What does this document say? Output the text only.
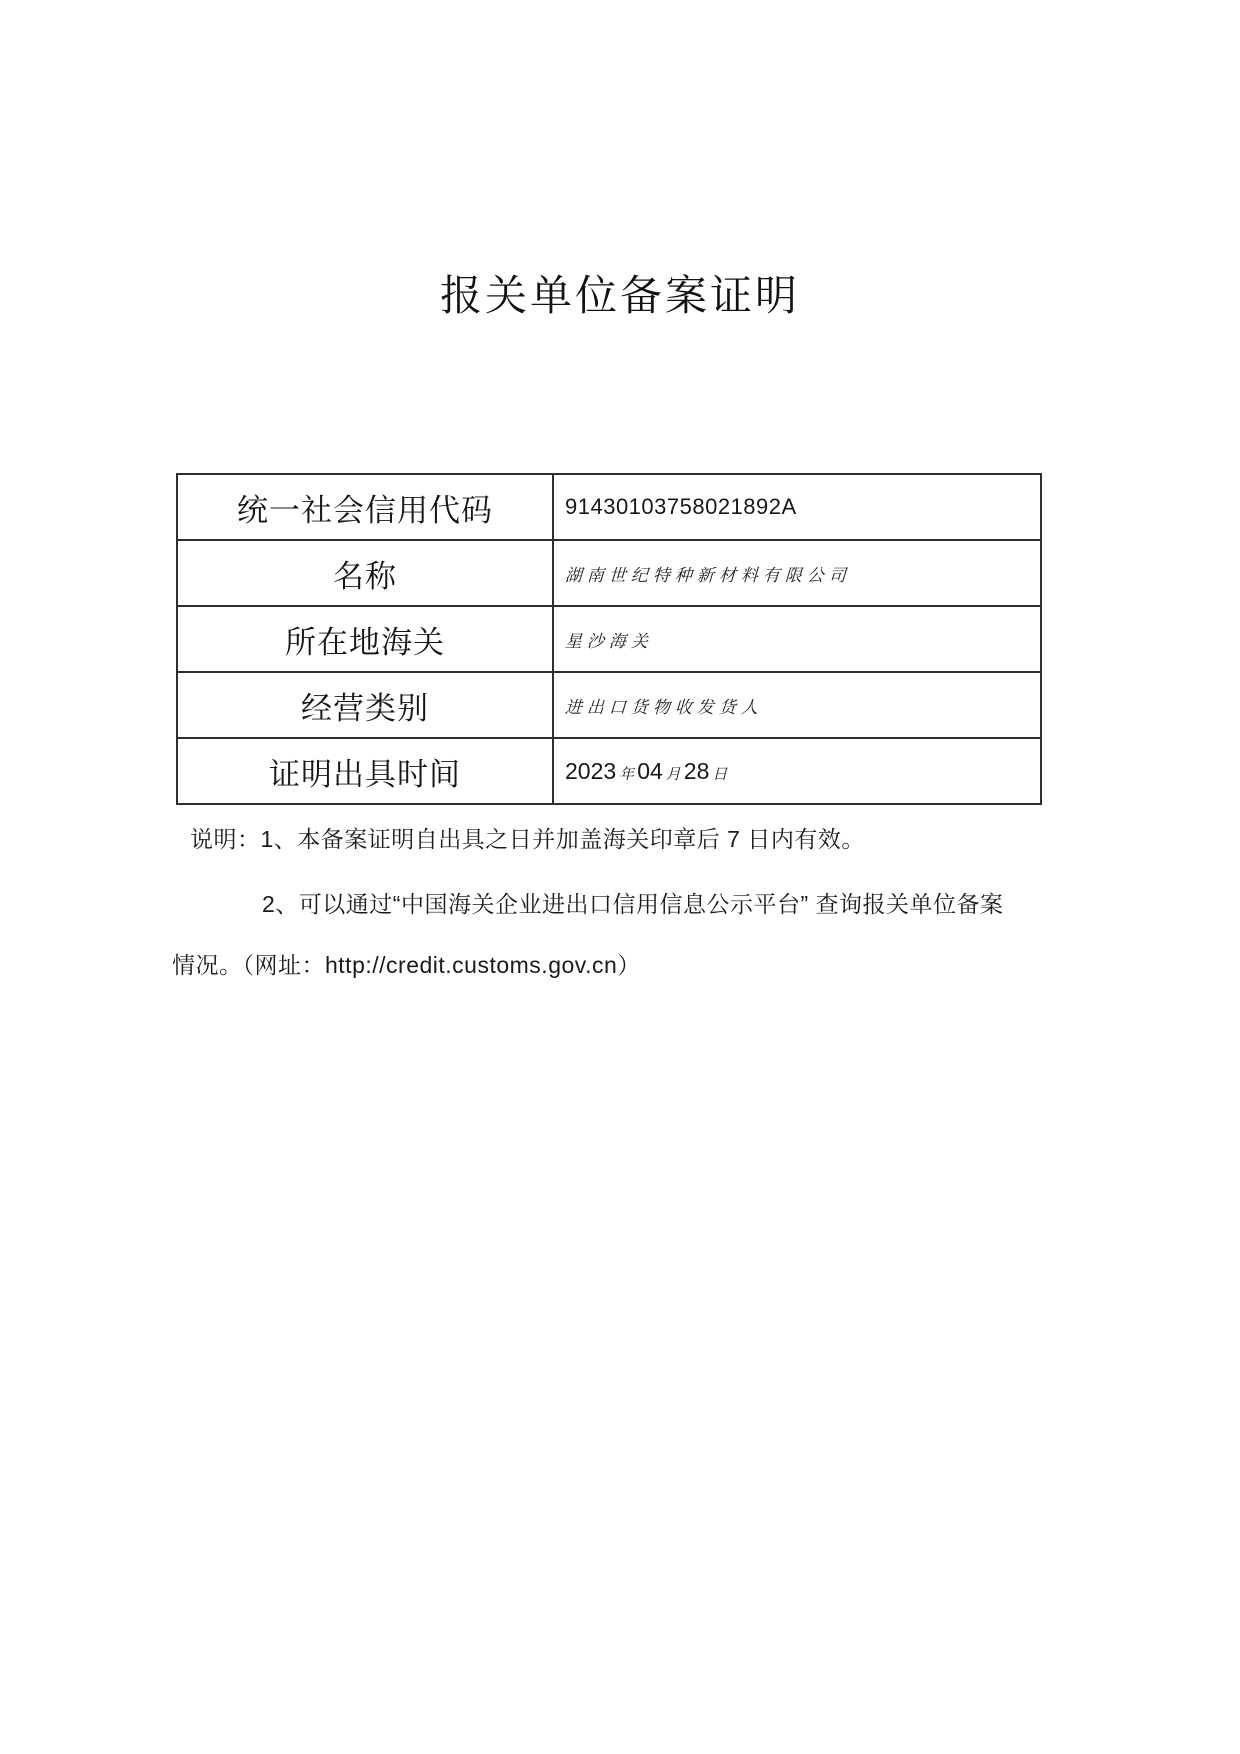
报关单位备案证明
统一社会信用代码	91430103758021892A
名称	湖南世纪特种新材料有限公司
所在地海关	星沙海关
经营类别	进出口货物收发货人
证明出具时间	2023 年 04 月 28 日
说明：1、本备案证明自出具之日并加盖海关印章后 7 日内有效。
2、可以通过“中国海关企业进出口信用信息公示平台” 查询报关单位备案
情况。（网址：http://credit.customs.gov.cn）
